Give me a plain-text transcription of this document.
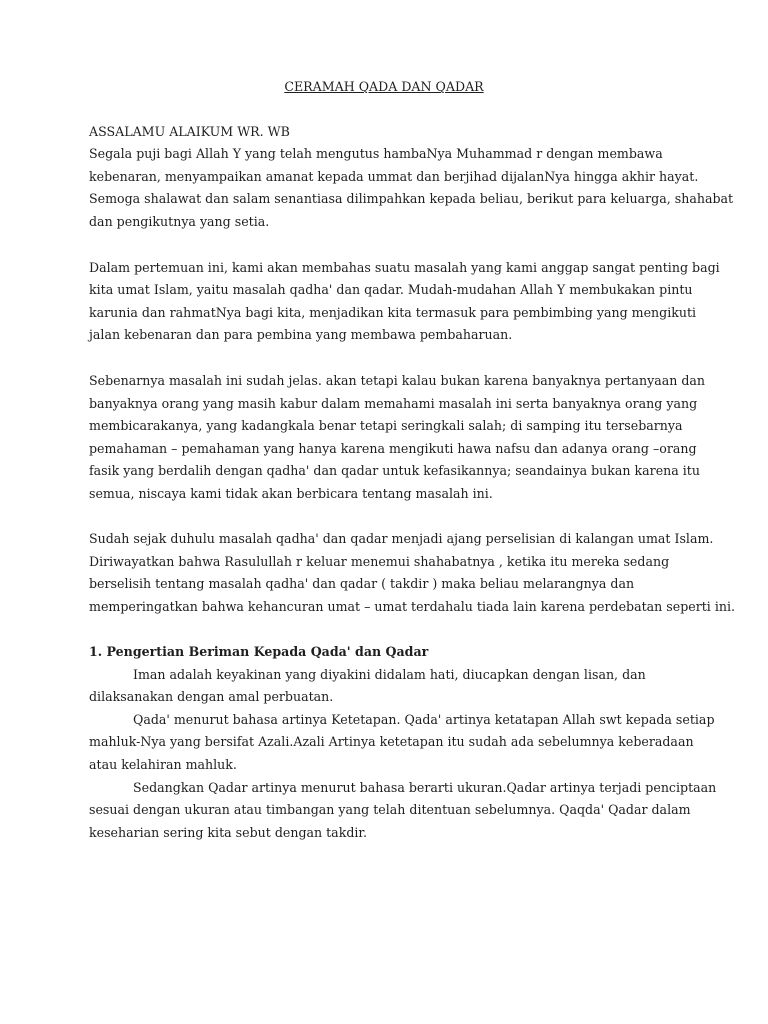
CERAMAH QADA DAN QADAR

ASSALAMU ALAIKUM WR. WB

Segala puji bagi Allah Y yang telah mengutus hambaNya Muhammad r dengan membawa

kebenaran, menyampaikan amanat kepada ummat dan berjihad dijalanNya hingga akhir hayat.

Semoga shalawat dan salam senantiasa dilimpahkan kepada beliau, berikut para keluarga, shahabat

dan pengikutnya yang setia.

Dalam pertemuan ini, kami akan membahas suatu masalah yang kami anggap sangat penting bagi

kita umat Islam, yaitu masalah qadha' dan qadar. Mudah-mudahan Allah Y membukakan pintu

karunia dan rahmatNya bagi kita, menjadikan kita termasuk para pembimbing yang mengikuti

jalan kebenaran dan para pembina yang membawa pembaharuan.

Sebenarnya masalah ini sudah jelas. akan tetapi kalau bukan karena banyaknya pertanyaan dan

banyaknya orang yang masih kabur dalam memahami masalah ini serta banyaknya orang yang

membicarakanya, yang kadangkala benar tetapi seringkali salah; di samping itu tersebarnya

pemahaman – pemahaman yang hanya karena mengikuti hawa nafsu dan adanya orang –orang

fasik yang berdalih dengan qadha' dan qadar untuk kefasikannya; seandainya bukan karena itu

semua, niscaya kami tidak akan berbicara tentang masalah ini.

Sudah sejak duhulu masalah qadha' dan qadar menjadi ajang perselisian di kalangan umat Islam.

Diriwayatkan bahwa Rasulullah r keluar menemui shahabatnya , ketika itu mereka sedang

berselisih tentang masalah qadha' dan qadar ( takdir ) maka beliau melarangnya dan

memperingatkan bahwa kehancuran umat – umat terdahalu tiada lain karena perdebatan seperti ini.

1. Pengertian Beriman Kepada Qada' dan Qadar

Iman adalah keyakinan yang diyakini didalam hati, diucapkan dengan lisan, dan

dilaksanakan dengan amal perbuatan.

Qada' menurut bahasa artinya Ketetapan. Qada' artinya ketatapan Allah swt kepada setiap

mahluk-Nya yang bersifat Azali.Azali Artinya ketetapan itu sudah ada sebelumnya keberadaan

atau kelahiran mahluk.

Sedangkan Qadar artinya menurut bahasa berarti ukuran.Qadar artinya terjadi penciptaan

sesuai dengan ukuran atau timbangan yang telah ditentuan sebelumnya. Qaqda' Qadar dalam

keseharian sering kita sebut dengan takdir.
